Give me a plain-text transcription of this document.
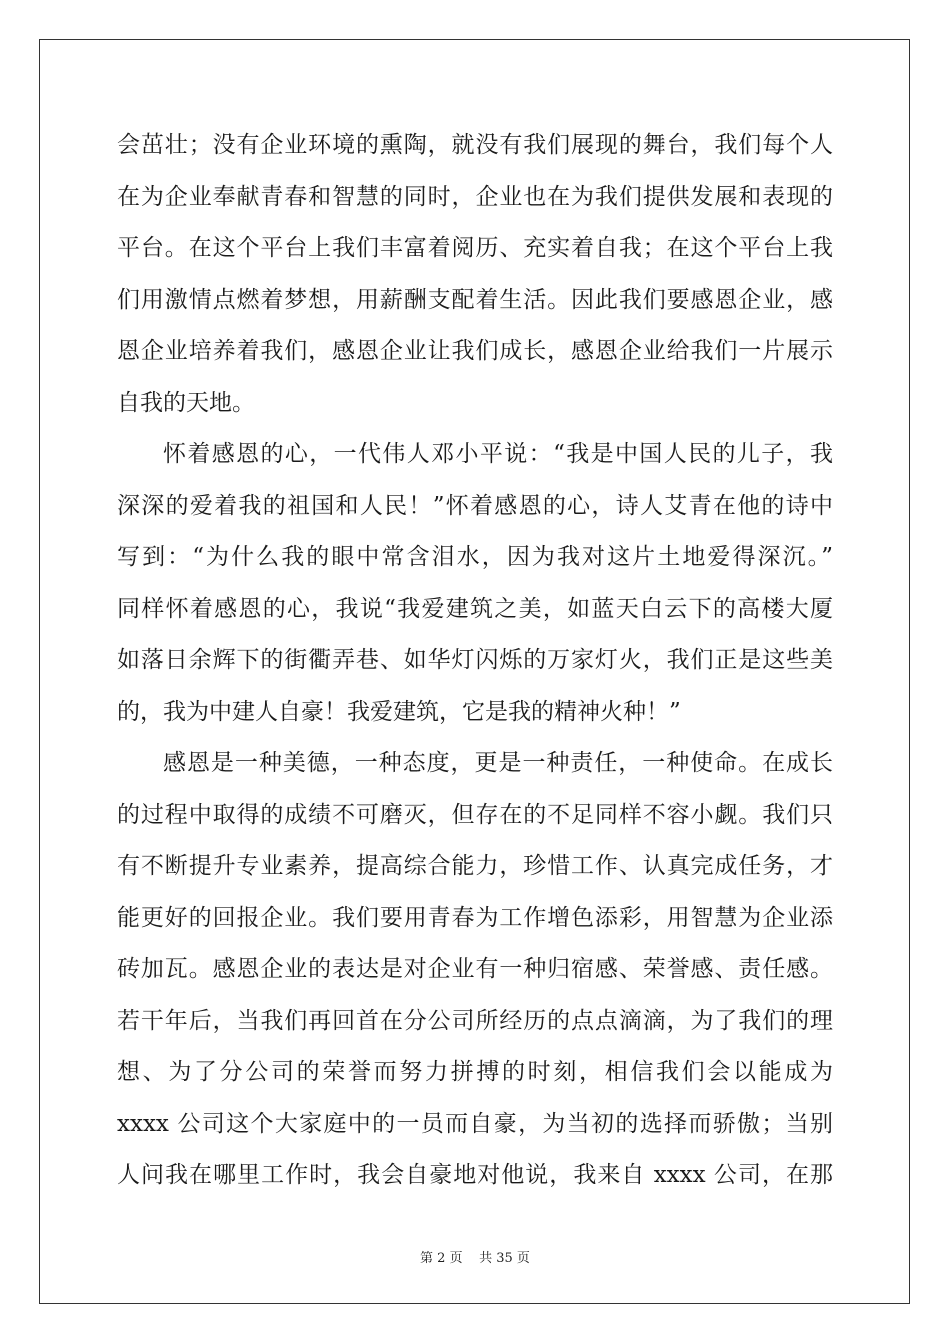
会茁壮；没有企业环境的熏陶，就没有我们展现的舞台，我们每个人
在为企业奉献青春和智慧的同时，企业也在为我们提供发展和表现的
平台。在这个平台上我们丰富着阅历、充实着自我；在这个平台上我
们用激情点燃着梦想，用薪酬支配着生活。因此我们要感恩企业，感
恩企业培养着我们，感恩企业让我们成长，感恩企业给我们一片展示
自我的天地。
怀着感恩的心，一代伟人邓小平说：“我是中国人民的儿子，我
深深的爱着我的祖国和人民！”怀着感恩的心，诗人艾青在他的诗中
写到：“为什么我的眼中常含泪水，因为我对这片土地爱得深沉。”
同样怀着感恩的心，我说“我爱建筑之美，如蓝天白云下的高楼大厦
如落日余辉下的街衢弄巷、如华灯闪烁的万家灯火，我们正是这些美
的，我为中建人自豪！我爱建筑，它是我的精神火种！”
感恩是一种美德，一种态度，更是一种责任，一种使命。在成长
的过程中取得的成绩不可磨灭，但存在的不足同样不容小觑。我们只
有不断提升专业素养，提高综合能力，珍惜工作、认真完成任务，才
能更好的回报企业。我们要用青春为工作增色添彩，用智慧为企业添
砖加瓦。感恩企业的表达是对企业有一种归宿感、荣誉感、责任感。
若干年后，当我们再回首在分公司所经历的点点滴滴，为了我们的理
想、为了分公司的荣誉而努力拼搏的时刻，相信我们会以能成为
xxxx 公司这个大家庭中的一员而自豪，为当初的选择而骄傲；当别
人问我在哪里工作时，我会自豪地对他说，我来自 xxxx 公司，在那
第 2 页 共 35 页
